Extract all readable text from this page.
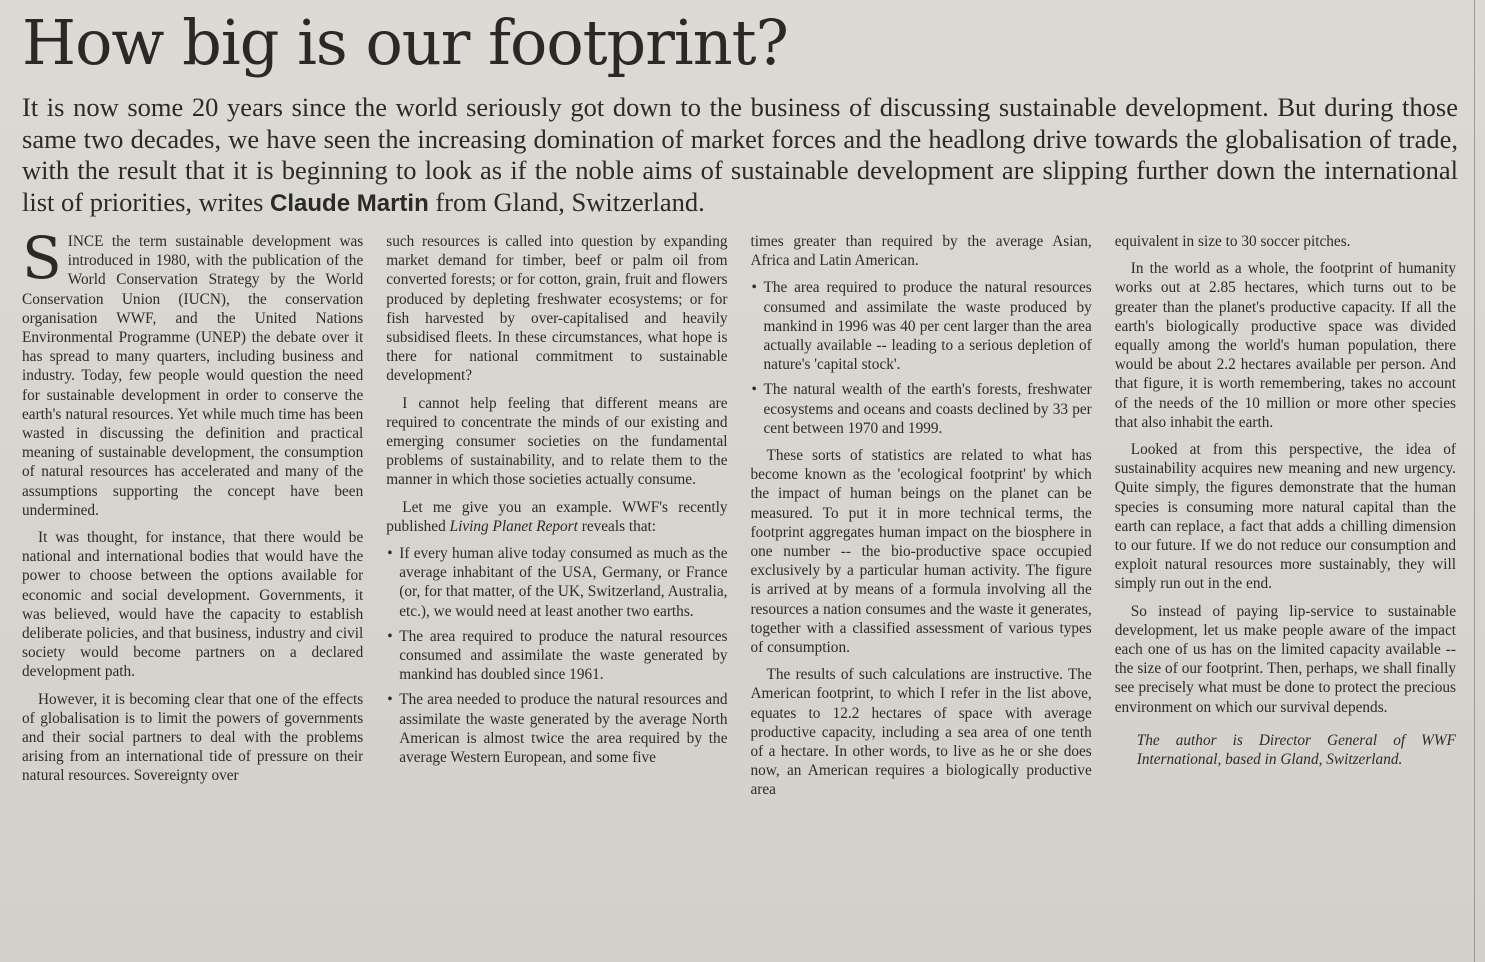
How big is our footprint?

It is now some 20 years since the world seriously got down to the business of discussing sustainable development. But during those same two decades, we have seen the increasing domination of market forces and the headlong drive towards the globalisation of trade, with the result that it is beginning to look as if the noble aims of sustainable development are slipping further down the international list of priorities, writes Claude Martin from Gland, Switzerland.

SINCE the term sustainable development was introduced in 1980, with the publication of the World Conservation Strategy by the World Conservation Union (IUCN), the conservation organisation WWF, and the United Nations Environmental Programme (UNEP) the debate over it has spread to many quarters, including business and industry. Today, few people would question the need for sustainable development in order to conserve the earth's natural resources. Yet while much time has been wasted in discussing the definition and practical meaning of sustainable development, the consumption of natural resources has accelerated and many of the assumptions supporting the concept have been undermined.

It was thought, for instance, that there would be national and international bodies that would have the power to choose between the options available for economic and social development. Governments, it was believed, would have the capacity to establish deliberate policies, and that business, industry and civil society would become partners on a declared development path.

However, it is becoming clear that one of the effects of globalisation is to limit the powers of governments and their social partners to deal with the problems arising from an international tide of pressure on their natural resources. Sovereignty over

such resources is called into question by expanding market demand for timber, beef or palm oil from converted forests; or for cotton, grain, fruit and flowers produced by depleting freshwater ecosystems; or for fish harvested by over-capitalised and heavily subsidised fleets. In these circumstances, what hope is there for national commitment to sustainable development?

I cannot help feeling that different means are required to concentrate the minds of our existing and emerging consumer societies on the fundamental problems of sustainability, and to relate them to the manner in which those societies actually consume.

Let me give you an example. WWF's recently published Living Planet Report reveals that:

• If every human alive today consumed as much as the average inhabitant of the USA, Germany, or France (or, for that matter, of the UK, Switzerland, Australia, etc.), we would need at least another two earths.
• The area required to produce the natural resources consumed and assimilate the waste generated by mankind has doubled since 1961.
• The area needed to produce the natural resources and assimilate the waste generated by the average North American is almost twice the area required by the average Western European, and some five

times greater than required by the average Asian, Africa and Latin American.

• The area required to produce the natural resources consumed and assimilate the waste produced by mankind in 1996 was 40 per cent larger than the area actually available -- leading to a serious depletion of nature's 'capital stock'.
• The natural wealth of the earth's forests, freshwater ecosystems and oceans and coasts declined by 33 per cent between 1970 and 1999.

These sorts of statistics are related to what has become known as the 'ecological footprint' by which the impact of human beings on the planet can be measured. To put it in more technical terms, the footprint aggregates human impact on the biosphere in one number -- the bio-productive space occupied exclusively by a particular human activity. The figure is arrived at by means of a formula involving all the resources a nation consumes and the waste it generates, together with a classified assessment of various types of consumption.

The results of such calculations are instructive. The American footprint, to which I refer in the list above, equates to 12.2 hectares of space with average productive capacity, including a sea area of one tenth of a hectare. In other words, to live as he or she does now, an American requires a biologically productive area

equivalent in size to 30 soccer pitches.

In the world as a whole, the footprint of humanity works out at 2.85 hectares, which turns out to be greater than the planet's productive capacity. If all the earth's biologically productive space was divided equally among the world's human population, there would be about 2.2 hectares available per person. And that figure, it is worth remembering, takes no account of the needs of the 10 million or more other species that also inhabit the earth.

Looked at from this perspective, the idea of sustainability acquires new meaning and new urgency. Quite simply, the figures demonstrate that the human species is consuming more natural capital than the earth can replace, a fact that adds a chilling dimension to our future. If we do not reduce our consumption and exploit natural resources more sustainably, they will simply run out in the end.

So instead of paying lip-service to sustainable development, let us make people aware of the impact each one of us has on the limited capacity available -- the size of our footprint. Then, perhaps, we shall finally see precisely what must be done to protect the precious environment on which our survival depends.

The author is Director General of WWF International, based in Gland, Switzerland.
